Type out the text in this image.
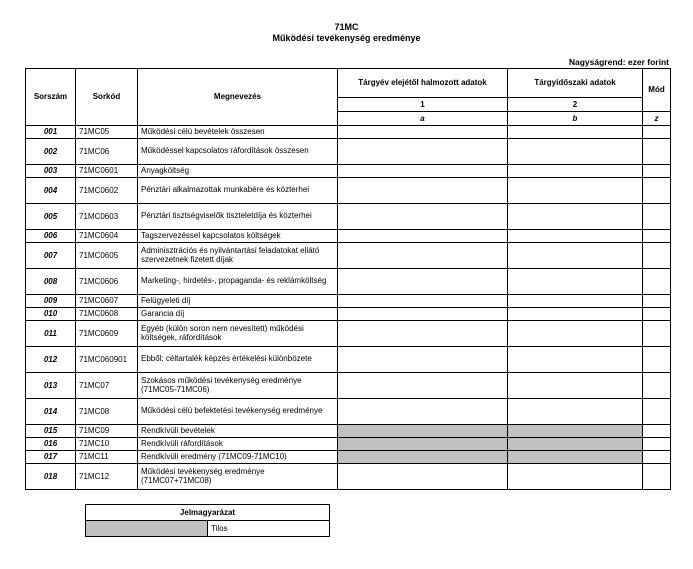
71MC
Működési tevékenység eredménye
Nagyságrend: ezer forint
Sorszám	Sorkód	Megnevezés	Tárgyév elejétől halmozott adatok	Tárgyidőszaki adatok	Mód
			1	2	
			a	b	z
001	71MC05	Működési célú bevételek összesen			
002	71MC06	Működéssel kapcsolatos ráfordítások összesen			
003	71MC0601	Anyagköltség			
004	71MC0602	Pénztári alkalmazottak munkabére és közterhei			
005	71MC0603	Pénztári tisztségviselők tiszteletdíja és közterhei			
006	71MC0604	Tagszervezéssel kapcsolatos költségek			
007	71MC0605	Adminisztrációs és nyilvántartási feladatokat ellátó szervezetnek fizetett díjak			
008	71MC0606	Marketing-, hirdetés-, propaganda- és reklámköltség			
009	71MC0607	Felügyeleti díj			
010	71MC0608	Garancia díj			
011	71MC0609	Egyéb (külön soron nem nevesített) működési költségek, ráfordítások			
012	71MC060901	Ebből: céltartalék képzés értékelési különbözete			
013	71MC07	Szokásos működési tevékenység eredménye (71MC05-71MC06)			
014	71MC08	Működési célú befektetési tevékenység eredménye			
015	71MC09	Rendkívüli bevételek			
016	71MC10	Rendkívüli ráfordítások			
017	71MC11	Rendkívüli eredmény (71MC09-71MC10)			
018	71MC12	Működési tevékenység eredménye (71MC07+71MC08)			
Jelmagyarázat
	Tilos
